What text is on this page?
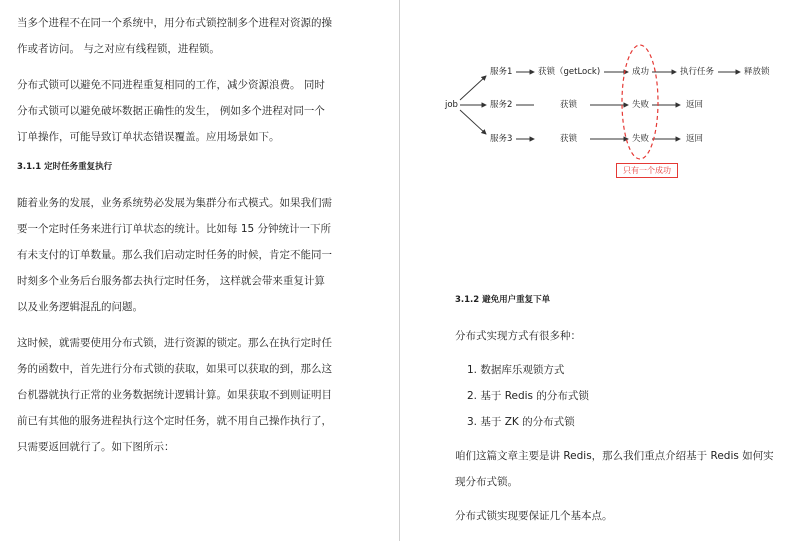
当多个进程不在同一个系统中，用分布式锁控制多个进程对资源的操作或者访问。 与之对应有线程锁，进程锁。

分布式锁可以避免不同进程重复相同的工作，减少资源浪费。 同时分布式锁可以避免破坏数据正确性的发生， 例如多个进程对同一个订单操作，可能导致订单状态错误覆盖。应用场景如下。

3.1.1 定时任务重复执行

随着业务的发展，业务系统势必发展为集群分布式模式。如果我们需要一个定时任务来进行订单状态的统计。比如每 15 分钟统计一下所有未支付的订单数量。那么我们启动定时任务的时候，肯定不能同一时刻多个业务后台服务都去执行定时任务， 这样就会带来重复计算以及业务逻辑混乱的问题。

这时候，就需要使用分布式锁，进行资源的锁定。那么在执行定时任务的函数中，首先进行分布式锁的获取，如果可以获取的到，那么这台机器就执行正常的业务数据统计逻辑计算。如果获取不到则证明目前已有其他的服务进程执行这个定时任务，就不用自己操作执行了，只需要返回就行了。如下图所示：

job
服务1
服务2
服务3
获锁（getLock)
获锁
获锁
成功
失败
失败
执行任务	释放锁
返回
返回
只有一个成功

3.1.2 避免用户重复下单

分布式实现方式有很多种：

1. 数据库乐观锁方式
2. 基于 Redis 的分布式锁
3. 基于 ZK 的分布式锁

咱们这篇文章主要是讲 Redis，那么我们重点介绍基于 Redis 如何实现分布式锁。

分布式锁实现要保证几个基本点。
